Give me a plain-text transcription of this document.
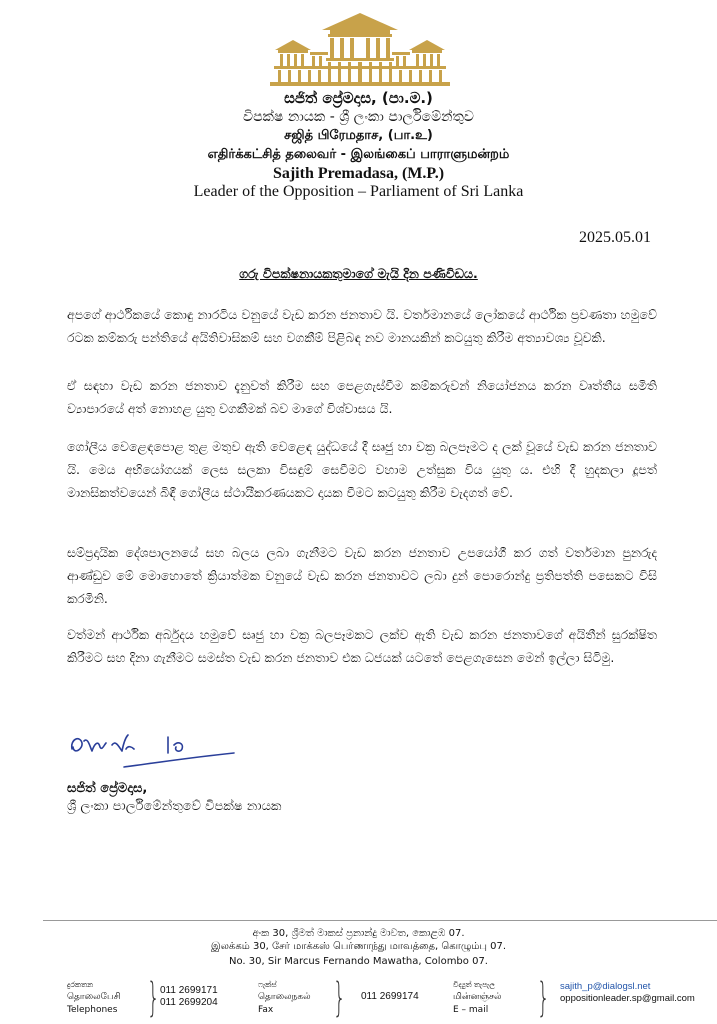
සජිත් ප්‍රේමදාස, (පා.ම.)
විපක්ෂ නායක - ශ්‍රී ලංකා පාර්ලිමේන්තුව
சஜித் பிரேமதாச, (பா.உ)
எதிர்க்கட்சித் தலைவர் - இலங்கைப் பாராளுமன்றம்
Sajith Premadasa, (M.P.)
Leader of the Opposition – Parliament of Sri Lanka
2025.05.01
ගරු විපක්ෂනායකතුමාගේ මැයි දින පණිවිඩය.
අපගේ ආර්ථිකයේ කොඳු නාරටිය වනුයේ වැඩ කරන ජනතාව යි. වර්තමානයේ ලෝකයේ ආර්ථික ප්‍රවණතා හමුවේ රටක කම්කරු පන්තියේ අයිතිවාසිකම් සහ වගකීම් පිළිබඳ නව මානයකින් කටයුතු කිරීම අත්‍යාවශ්‍ය වූවකි.
ඒ සඳහා වැඩ කරන ජනතාව දැනුවත් කිරීම සහ පෙළගැස්වීම කම්කරුවන් නියෝජනය කරන වෘත්තීය සමිති ව්‍යාපාරයේ අත් නොහළ යුතු වගකීමක් බව මාගේ විශ්වාසය යි.
ගෝලීය වෙළෙඳපොළ තුළ මතුව ඇති වෙළෙඳ යුද්ධයේ දී සෘජු හා වක්‍ර බලපෑමට ද ලක් වූයේ වැඩ කරන ජනතාව යි. මෙය අභියෝගයක් ලෙස සලකා විසඳුම් සෙවීමට වහාම උත්සුක විය යුතු ය. එහි දී හුදකලා දූපත් මානසිකත්වයෙන් බිඳී ගෝලීය ස්ථායීකරණයකට දායක වීමට කටයුතු කිරීම වැදගත් වේ.
සම්ප්‍රදායික දේශපාලනයේ සහ බලය ලබා ගැනීමට වැඩ කරන ජනතාව උපයෝගී කර ගත් වර්තමාන පුනරුද ආණ්ඩුව මේ මොහොතේ ක්‍රියාත්මක වනුයේ වැඩ කරන ජනතාවට ලබා දුන් පොරොන්දු ප්‍රතිපත්ති පසෙකට විසි කරමිනි.
වත්මන් ආර්ථික අර්බුදය හමුවේ සෘජු හා වක්‍ර බලපෑමකට ලක්ව ඇති වැඩ කරන ජනතාවගේ අයිතීන් සුරක්ෂිත කිරීමට සහ දිනා ගැනීමට සමස්ත වැඩ කරන ජනතාව එක ධජයක් යටතේ පෙළගැසෙන මෙන් ඉල්ලා සිටිමු.
සජිත් ප්‍රේමදාස,
ශ්‍රී ලංකා පාර්ලිමේන්තුවේ විපක්ෂ නායක
අංක 30, ශ්‍රීමත් මාකස් ප්‍රනාන්දු මාවත, කොළඹ 07.
இலக்கம் 30, சேர் மாக்கஸ் பெர்ணாந்து மாவத்தை, கொழும்பு 07.
No. 30, Sir Marcus Fernando Mawatha, Colombo 07.
දුරකතන
தொலைபேசி
Telephones } 011 2699171
011 2699204
ෆැක්ස්
தொலைநகல்
Fax	} 011 2699174
විද්‍යුත් තැපැල
மின்னஞ்சல்
E – mail	} sajith_p@dialogsl.net
oppositionleader.sp@gmail.com
